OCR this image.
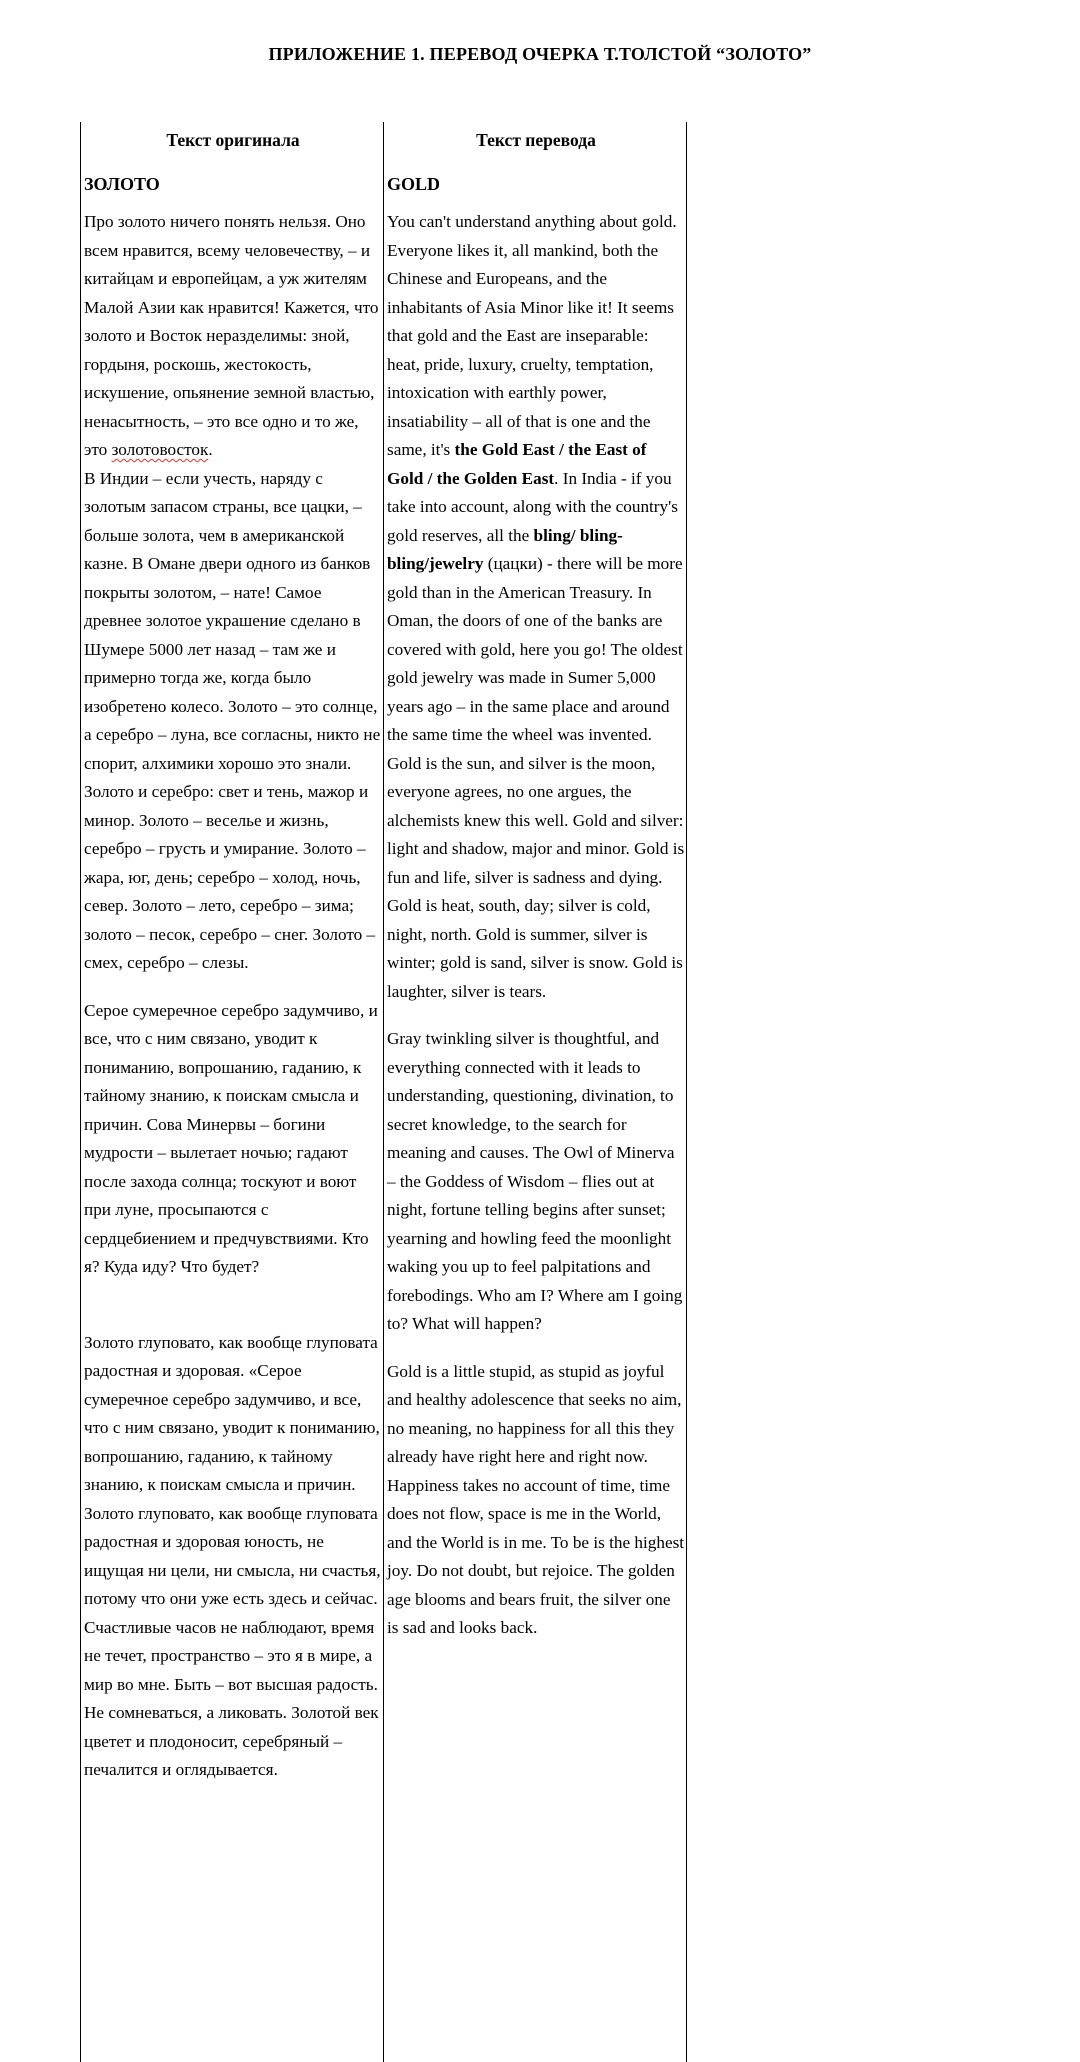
ПРИЛОЖЕНИЕ 1. ПЕРЕВОД ОЧЕРКА Т.ТОЛСТОЙ “ЗОЛОТО”
Текст оригинала
ЗОЛОТО

Про золото ничего понять нельзя. Оно всем нравится, всему человечеству, – и китайцам и европейцам, а уж жителям Малой Азии как нравится! Кажется, что золото и Восток неразделимы: зной, гордыня, роскошь, жестокость, искушение, опьянение земной властью, ненасытность, – это все одно и то же, это золотовосток.
В Индии – если учесть, наряду с золотым запасом страны, все цацки, – больше золота, чем в американской казне. В Омане двери одного из банков покрыты золотом, – нате! Самое древнее золотое украшение сделано в Шумере 5000 лет назад – там же и примерно тогда же, когда было изобретено колесо. Золото – это солнце, а серебро – луна, все согласны, никто не спорит, алхимики хорошо это знали. Золото и серебро: свет и тень, мажор и минор. Золото – веселье и жизнь, серебро – грусть и умирание. Золото – жара, юг, день; серебро – холод, ночь, север. Золото – лето, серебро – зима; золото – песок, серебро – снег. Золото – смех, серебро – слезы.

Серое сумеречное серебро задумчиво, и все, что с ним связано, уводит к пониманию, вопрошанию, гаданию, к тайному знанию, к поискам смысла и причин. Сова Минервы – богини мудрости – вылетает ночью; гадают после захода солнца; тоскуют и воют при луне, просыпаются с сердцебиением и предчувствиями. Кто я? Куда иду? Что будет?

Золото глуповато, как вообще глуповата радостная и здоровая. «Серое сумеречное серебро задумчиво, и все, что с ним связано, уводит к пониманию, вопрошанию, гаданию, к тайному знанию, к поискам смысла и причин. Золото глуповато, как вообще глуповата радостная и здоровая юность, не ищущая ни цели, ни смысла, ни счастья, потому что они уже есть здесь и сейчас. Счастливые часов не наблюдают, время не течет, пространство – это я в мире, а мир во мне. Быть – вот высшая радость. Не сомневаться, а ликовать. Золотой век цветет и плодоносит, серебряный – печалится и оглядывается.

Текст перевода
GOLD

You can't understand anything about gold. Everyone likes it, all mankind, both the Chinese and Europeans, and the inhabitants of Asia Minor like it! It seems that gold and the East are inseparable: heat, pride, luxury, cruelty, temptation, intoxication with earthly power, insatiability – all of that is one and the same, it's the Gold East / the East of Gold / the Golden East. In India - if you take into account, along with the country's gold reserves, all the bling/ bling-bling/jewelry (цацки) - there will be more gold than in the American Treasury. In Oman, the doors of one of the banks are covered with gold, here you go! The oldest gold jewelry was made in Sumer 5,000 years ago – in the same place and around the same time the wheel was invented. Gold is the sun, and silver is the moon, everyone agrees, no one argues, the alchemists knew this well. Gold and silver: light and shadow, major and minor. Gold is fun and life, silver is sadness and dying. Gold is heat, south, day; silver is cold, night, north. Gold is summer, silver is winter; gold is sand, silver is snow. Gold is laughter, silver is tears.

Gray twinkling silver is thoughtful, and everything connected with it leads to understanding, questioning, divination, to secret knowledge, to the search for meaning and causes. The Owl of Minerva – the Goddess of Wisdom – flies out at night, fortune telling begins after sunset; yearning and howling feed the moonlight waking you up to feel palpitations and forebodings. Who am I? Where am I going to? What will happen?

Gold is a little stupid, as stupid as joyful and healthy adolescence that seeks no aim, no meaning, no happiness for all this they already have right here and right now. Happiness takes no account of time, time does not flow, space is me in the World, and the World is in me. To be is the highest joy. Do not doubt, but rejoice. The golden age blooms and bears fruit, the silver one is sad and looks back.
